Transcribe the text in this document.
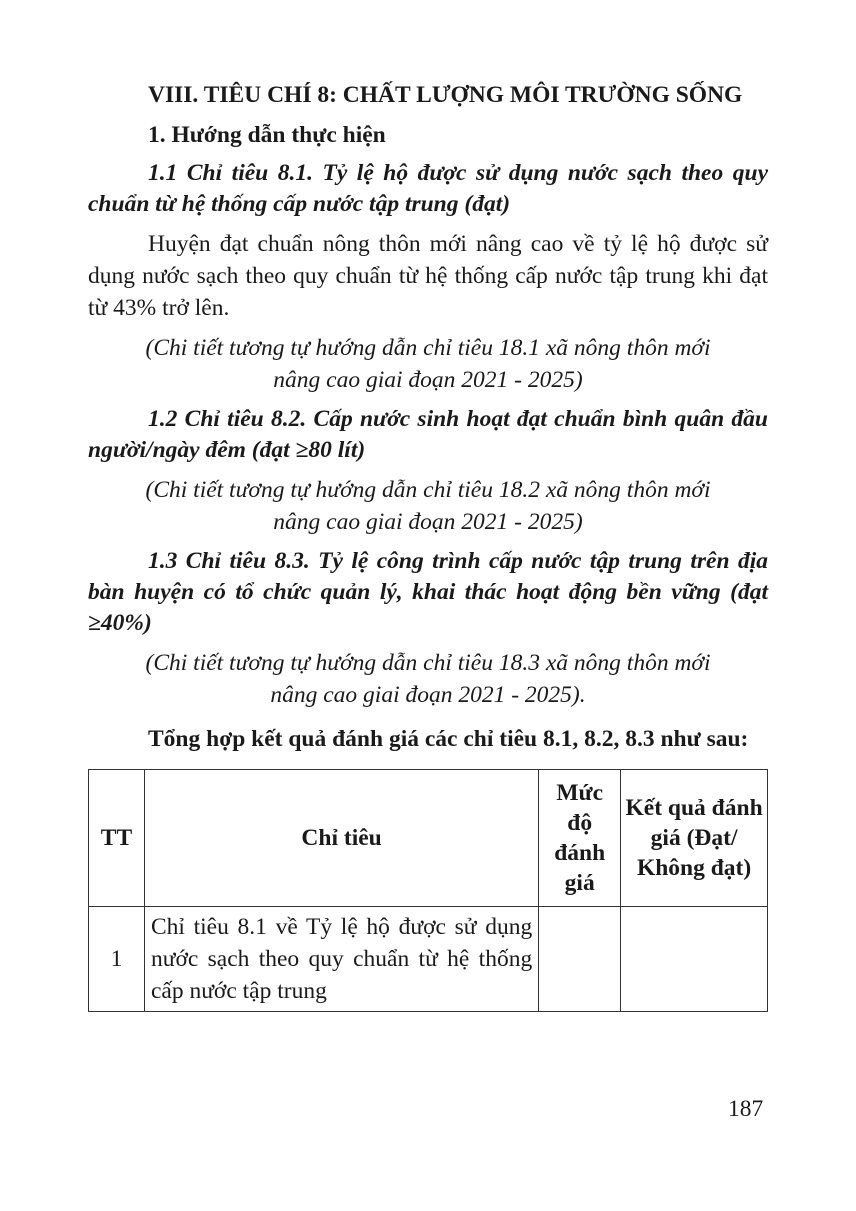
VIII. TIÊU CHÍ 8: CHẤT LƯỢNG MÔI TRƯỜNG SỐNG

1. Hướng dẫn thực hiện

1.1 Chỉ tiêu 8.1. Tỷ lệ hộ được sử dụng nước sạch theo quy chuẩn từ hệ thống cấp nước tập trung (đạt)

Huyện đạt chuẩn nông thôn mới nâng cao về tỷ lệ hộ được sử dụng nước sạch theo quy chuẩn từ hệ thống cấp nước tập trung khi đạt từ 43% trở lên.

(Chi tiết tương tự hướng dẫn chỉ tiêu 18.1 xã nông thôn mới
nâng cao giai đoạn 2021 - 2025)

1.2 Chỉ tiêu 8.2. Cấp nước sinh hoạt đạt chuẩn bình quân đầu người/ngày đêm (đạt ≥80 lít)

(Chi tiết tương tự hướng dẫn chỉ tiêu 18.2 xã nông thôn mới
nâng cao giai đoạn 2021 - 2025)

1.3 Chỉ tiêu 8.3. Tỷ lệ công trình cấp nước tập trung trên địa bàn huyện có tổ chức quản lý, khai thác hoạt động bền vững (đạt ≥40%)

(Chi tiết tương tự hướng dẫn chỉ tiêu 18.3 xã nông thôn mới
nâng cao giai đoạn 2021 - 2025).

Tổng hợp kết quả đánh giá các chỉ tiêu 8.1, 8.2, 8.3 như sau:

TT	Chỉ tiêu	Mức độ đánh giá	Kết quả đánh giá (Đạt/ Không đạt)
1	Chỉ tiêu 8.1 về Tỷ lệ hộ được sử dụng nước sạch theo quy chuẩn từ hệ thống cấp nước tập trung		
187
